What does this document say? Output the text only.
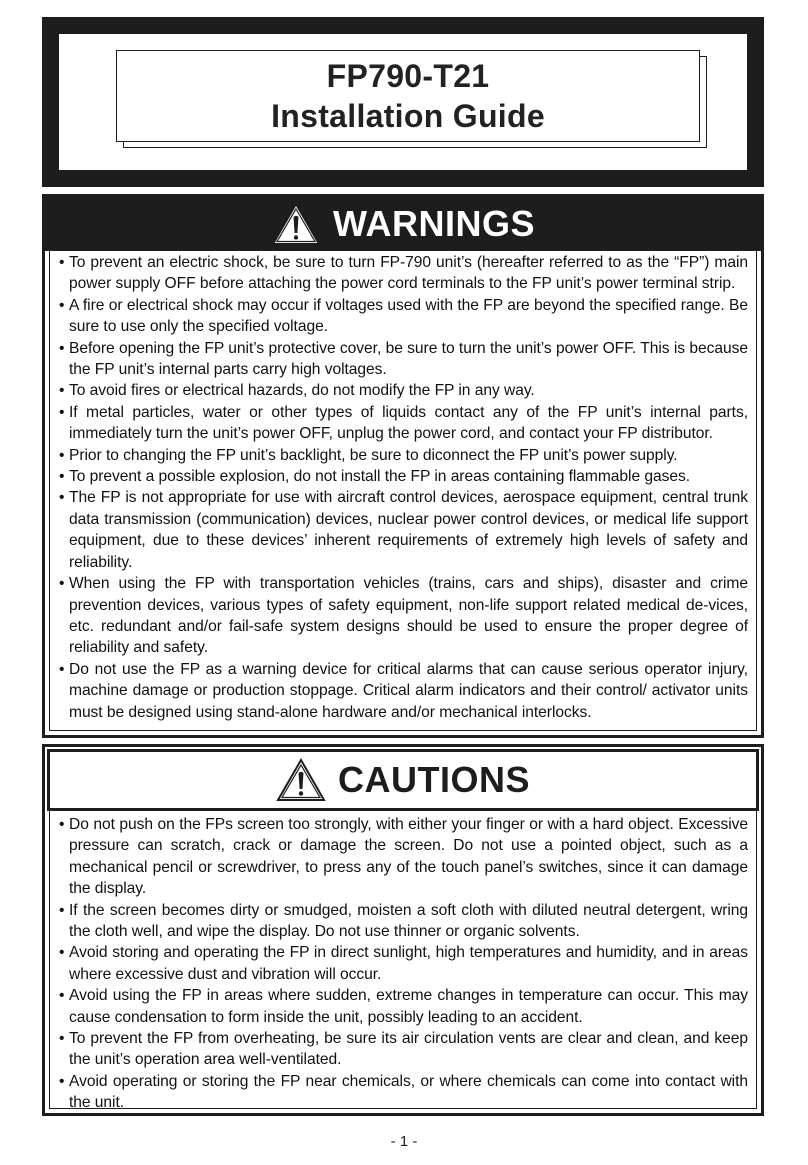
FP790-T21
Installation Guide
WARNINGS
• To prevent an electric shock, be sure to turn FP-790 unit’s (hereafter referred to as the “FP”) main power supply OFF before attaching the power cord terminals to the FP unit’s power terminal strip.
• A fire or electrical shock may occur if voltages used with the FP are beyond the specified range. Be sure to use only the specified voltage.
• Before opening the FP unit’s protective cover, be sure to turn the unit’s power OFF. This is because the FP unit’s internal parts carry high voltages.
• To avoid fires or electrical hazards, do not modify the FP in any way.
• If metal particles, water or other types of liquids contact any of the FP unit’s internal parts, immediately turn the unit’s power OFF, unplug the power cord, and contact your FP distributor.
• Prior to changing the FP unit’s backlight, be sure to diconnect the FP unit’s power supply.
• To prevent a possible explosion, do not install the FP in areas containing flammable gases.
• The FP is not appropriate for use with aircraft control devices, aerospace equipment, central trunk data transmission (communication) devices, nuclear power control devices, or medical life support equipment, due to these devices’ inherent requirements of extremely high levels of safety and reliability.
• When using the FP with transportation vehicles (trains, cars and ships), disaster and crime prevention devices, various types of safety equipment, non-life support related medical de-vices, etc. redundant and/or fail-safe system designs should be used to ensure the proper degree of reliability and safety.
• Do not use the FP as a warning device for critical alarms that can cause serious operator injury, machine damage or production stoppage. Critical alarm indicators and their control/ activator units must be designed using stand-alone hardware and/or mechanical interlocks.
CAUTIONS
• Do not push on the FPs screen too strongly, with either your finger or with a hard object. Excessive pressure can scratch, crack or damage the screen. Do not use a pointed object, such as a mechanical pencil or screwdriver, to press any of the touch panel’s switches, since it can damage the display.
• If the screen becomes dirty or smudged, moisten a soft cloth with diluted neutral detergent, wring the cloth well, and wipe the display. Do not use thinner or organic solvents.
• Avoid storing and operating the FP in direct sunlight, high temperatures and humidity, and in areas where excessive dust and vibration will occur.
• Avoid using the FP in areas where sudden, extreme changes in temperature can occur. This may cause condensation to form inside the unit, possibly leading to an accident.
• To prevent the FP from overheating, be sure its air circulation vents are clear and clean, and keep the unit’s operation area well-ventilated.
• Avoid operating or storing the FP near chemicals, or where chemicals can come into contact with the unit.
- 1 -
